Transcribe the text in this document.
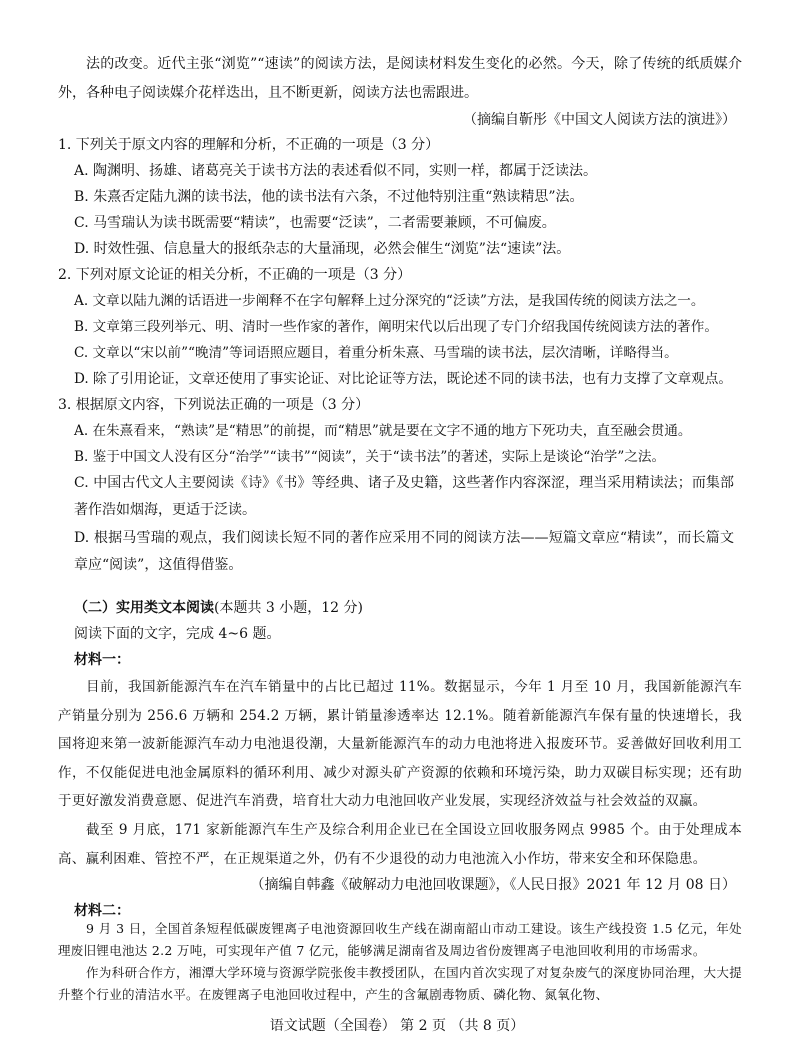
法的改变。近代主张“浏览”“速读”的阅读方法，是阅读材料发生变化的必然。今天，除了传统的纸质媒介外，各种电子阅读媒介花样迭出，且不断更新，阅读方法也需跟进。

（摘编自靳彤《中国文人阅读方法的演进》）

1. 下列关于原文内容的理解和分析，不正确的一项是（3 分）

A. 陶渊明、扬雄、诸葛亮关于读书方法的表述看似不同，实则一样，都属于泛读法。

B. 朱熹否定陆九渊的读书法，他的读书法有六条，不过他特别注重“熟读精思”法。

C. 马雪瑞认为读书既需要“精读”，也需要“泛读”，二者需要兼顾，不可偏废。

D. 时效性强、信息量大的报纸杂志的大量涌现，必然会催生“浏览”法“速读”法。

2. 下列对原文论证的相关分析，不正确的一项是（3 分）

A. 文章以陆九渊的话语进一步阐释不在字句解释上过分深究的“泛读”方法，是我国传统的阅读方法之一。

B. 文章第三段列举元、明、清时一些作家的著作，阐明宋代以后出现了专门介绍我国传统阅读方法的著作。

C. 文章以“宋以前”“晚清”等词语照应题目，着重分析朱熹、马雪瑞的读书法，层次清晰，详略得当。

D. 除了引用论证，文章还使用了事实论证、对比论证等方法，既论述不同的读书法，也有力支撑了文章观点。

3. 根据原文内容，下列说法正确的一项是（3 分）

A. 在朱熹看来，“熟读”是“精思”的前提，而“精思”就是要在文字不通的地方下死功夫，直至融会贯通。

B. 鉴于中国文人没有区分“治学”“读书”“阅读”，关于“读书法”的著述，实际上是谈论“治学”之法。

C. 中国古代文人主要阅读《诗》《书》等经典、诸子及史籍，这些著作内容深涩，理当采用精读法；而集部著作浩如烟海，更适于泛读。

D. 根据马雪瑞的观点，我们阅读长短不同的著作应采用不同的阅读方法——短篇文章应“精读”，而长篇文章应“阅读”，这值得借鉴。

（二）实用类文本阅读(本题共 3 小题，12 分)

阅读下面的文字，完成 4~6 题。

材料一：

目前，我国新能源汽车在汽车销量中的占比已超过 11%。数据显示，今年 1 月至 10 月，我国新能源汽车产销量分别为 256.6 万辆和 254.2 万辆，累计销量渗透率达 12.1%。随着新能源汽车保有量的快速增长，我国将迎来第一波新能源汽车动力电池退役潮，大量新能源汽车的动力电池将进入报废环节。妥善做好回收利用工作，不仅能促进电池金属原料的循环利用、减少对源头矿产资源的依赖和环境污染，助力双碳目标实现；还有助于更好激发消费意愿、促进汽车消费，培育壮大动力电池回收产业发展，实现经济效益与社会效益的双赢。

截至 9 月底，171 家新能源汽车生产及综合利用企业已在全国设立回收服务网点 9985 个。由于处理成本高、赢利困难、管控不严，在正规渠道之外，仍有不少退役的动力电池流入小作坊，带来安全和环保隐患。

（摘编自韩鑫《破解动力电池回收课题》，《人民日报》2021 年 12 月 08 日）

材料二：

语文试题（全国卷） 第 2 页 （共 8 页）

9 月 3 日，全国首条短程低碳废锂离子电池资源回收生产线在湖南韶山市动工建设。该生产线投资 1.5 亿元，年处理废旧锂电池达 2.2 万吨，可实现年产值 7 亿元，能够满足湖南省及周边省份废锂离子电池回收利用的市场需求。

作为科研合作方，湘潭大学环境与资源学院张俊丰教授团队，在国内首次实现了对复杂废气的深度协同治理，大大提升整个行业的清洁水平。在废锂离子电池回收过程中，产生的含氟剧毒物质、磷化物、氮氧化物、
